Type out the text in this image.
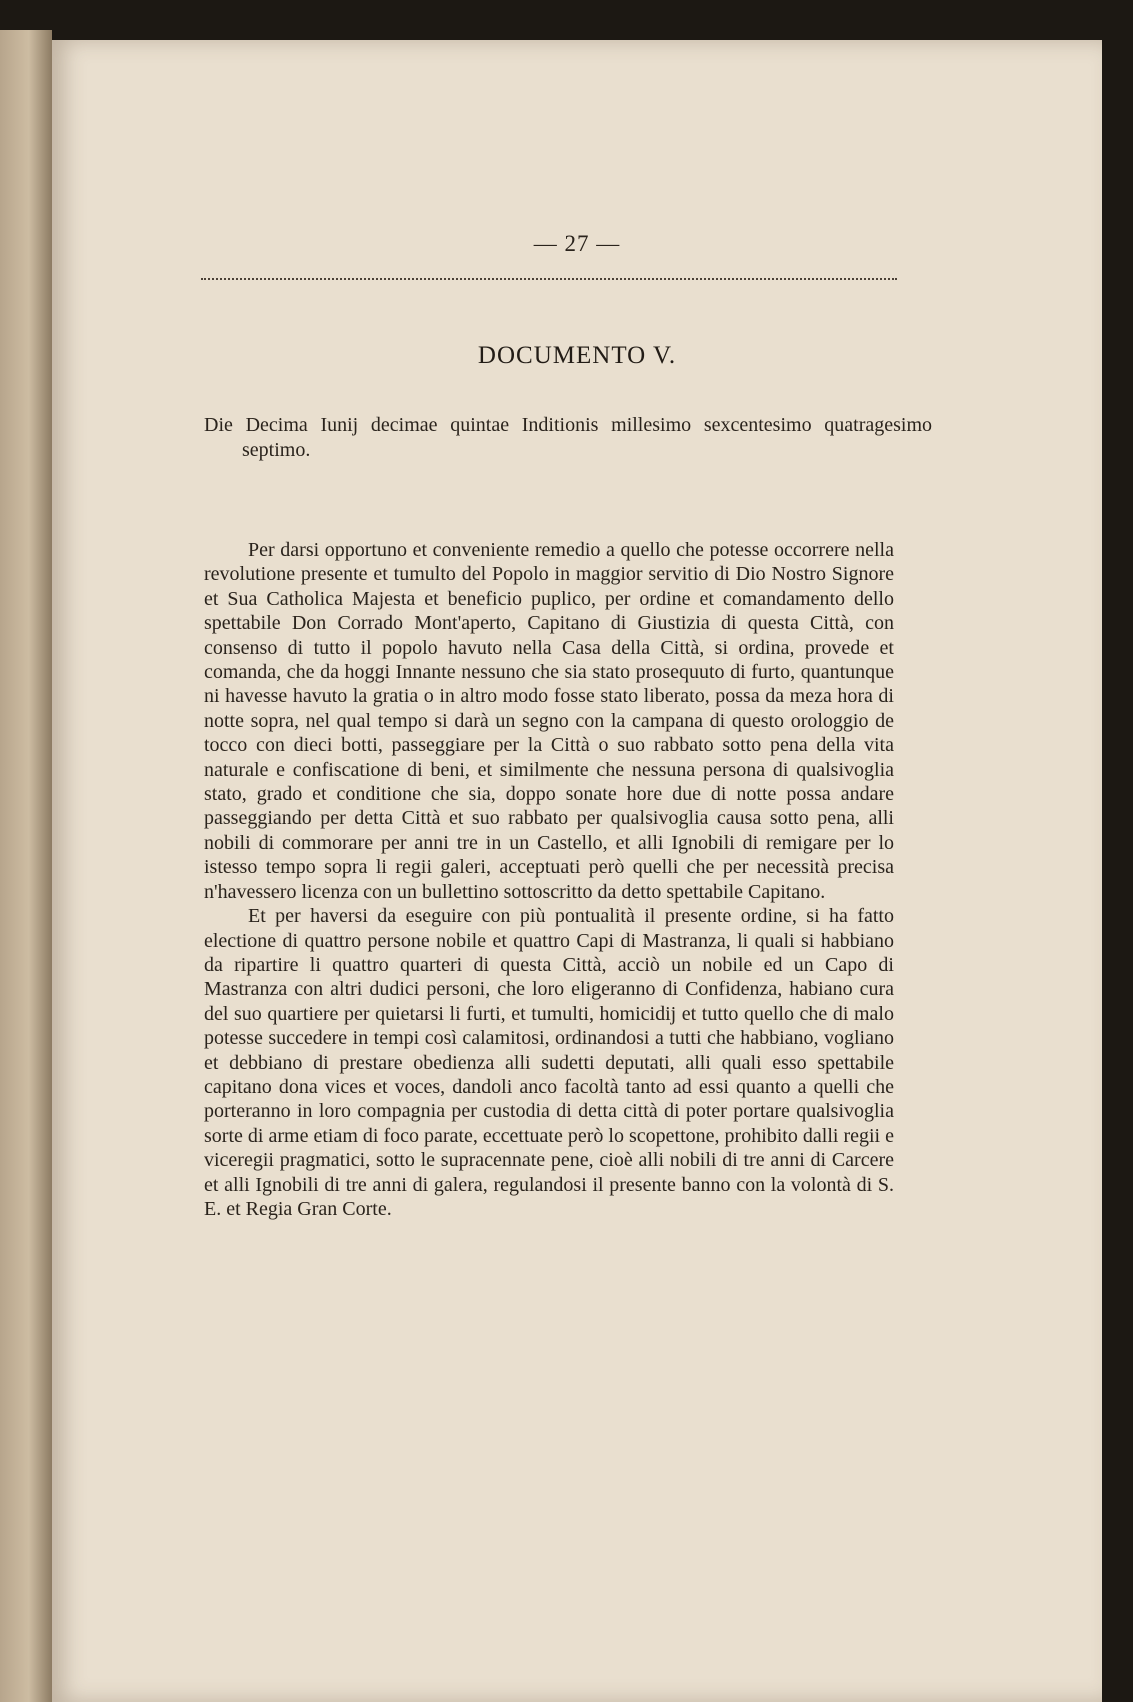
— 27 —
DOCUMENTO V.
Die Decima Iunij decimae quintae Inditionis millesimo sexcentesimo quatragesimo septimo.

Per darsi opportuno et conveniente remedio a quello che potesse occorrere nella revolutione presente et tumulto del Popolo in maggior servitio di Dio Nostro Signore et Sua Catholica Majesta et beneficio puplico, per ordine et comandamento dello spettabile Don Corrado Mont'aperto, Capitano di Giustizia di questa Città, con consenso di tutto il popolo havuto nella Casa della Città, si ordina, provede et comanda, che da hoggi Innante nessuno che sia stato prosequuto di furto, quantunque ni havesse havuto la gratia o in altro modo fosse stato liberato, possa da meza hora di notte sopra, nel qual tempo si darà un segno con la campana di questo orologgio de tocco con dieci botti, passeggiare per la Città o suo rabbato sotto pena della vita naturale e confiscatione di beni, et similmente che nessuna persona di qualsivoglia stato, grado et conditione che sia, doppo sonate hore due di notte possa andare passeggiando per detta Città et suo rabbato per qualsivoglia causa sotto pena, alli nobili di commorare per anni tre in un Castello, et alli Ignobili di remigare per lo istesso tempo sopra li regii galeri, acceptuati però quelli che per necessità precisa n'havessero licenza con un bullettino sottoscritto da detto spettabile Capitano.

Et per haversi da eseguire con più pontualità il presente ordine, si ha fatto electione di quattro persone nobile et quattro Capi di Mastranza, li quali si habbiano da ripartire li quattro quarteri di questa Città, acciò un nobile ed un Capo di Mastranza con altri dudici personi, che loro eligeranno di Confidenza, habiano cura del suo quartiere per quietarsi li furti, et tumulti, homicidij et tutto quello che di malo potesse succedere in tempi così calamitosi, ordinandosi a tutti che habbiano, vogliano et debbiano di prestare obedienza alli sudetti deputati, alli quali esso spettabile capitano dona vices et voces, dandoli anco facoltà tanto ad essi quanto a quelli che porteranno in loro compagnia per custodia di detta città di poter portare qualsivoglia sorte di arme etiam di foco parate, eccettuate però lo scopettone, prohibito dalli regii e viceregii pragmatici, sotto le supracennate pene, cioè alli nobili di tre anni di Carcere et alli Ignobili di tre anni di galera, regulandosi il presente banno con la volontà di S. E. et Regia Gran Corte.
